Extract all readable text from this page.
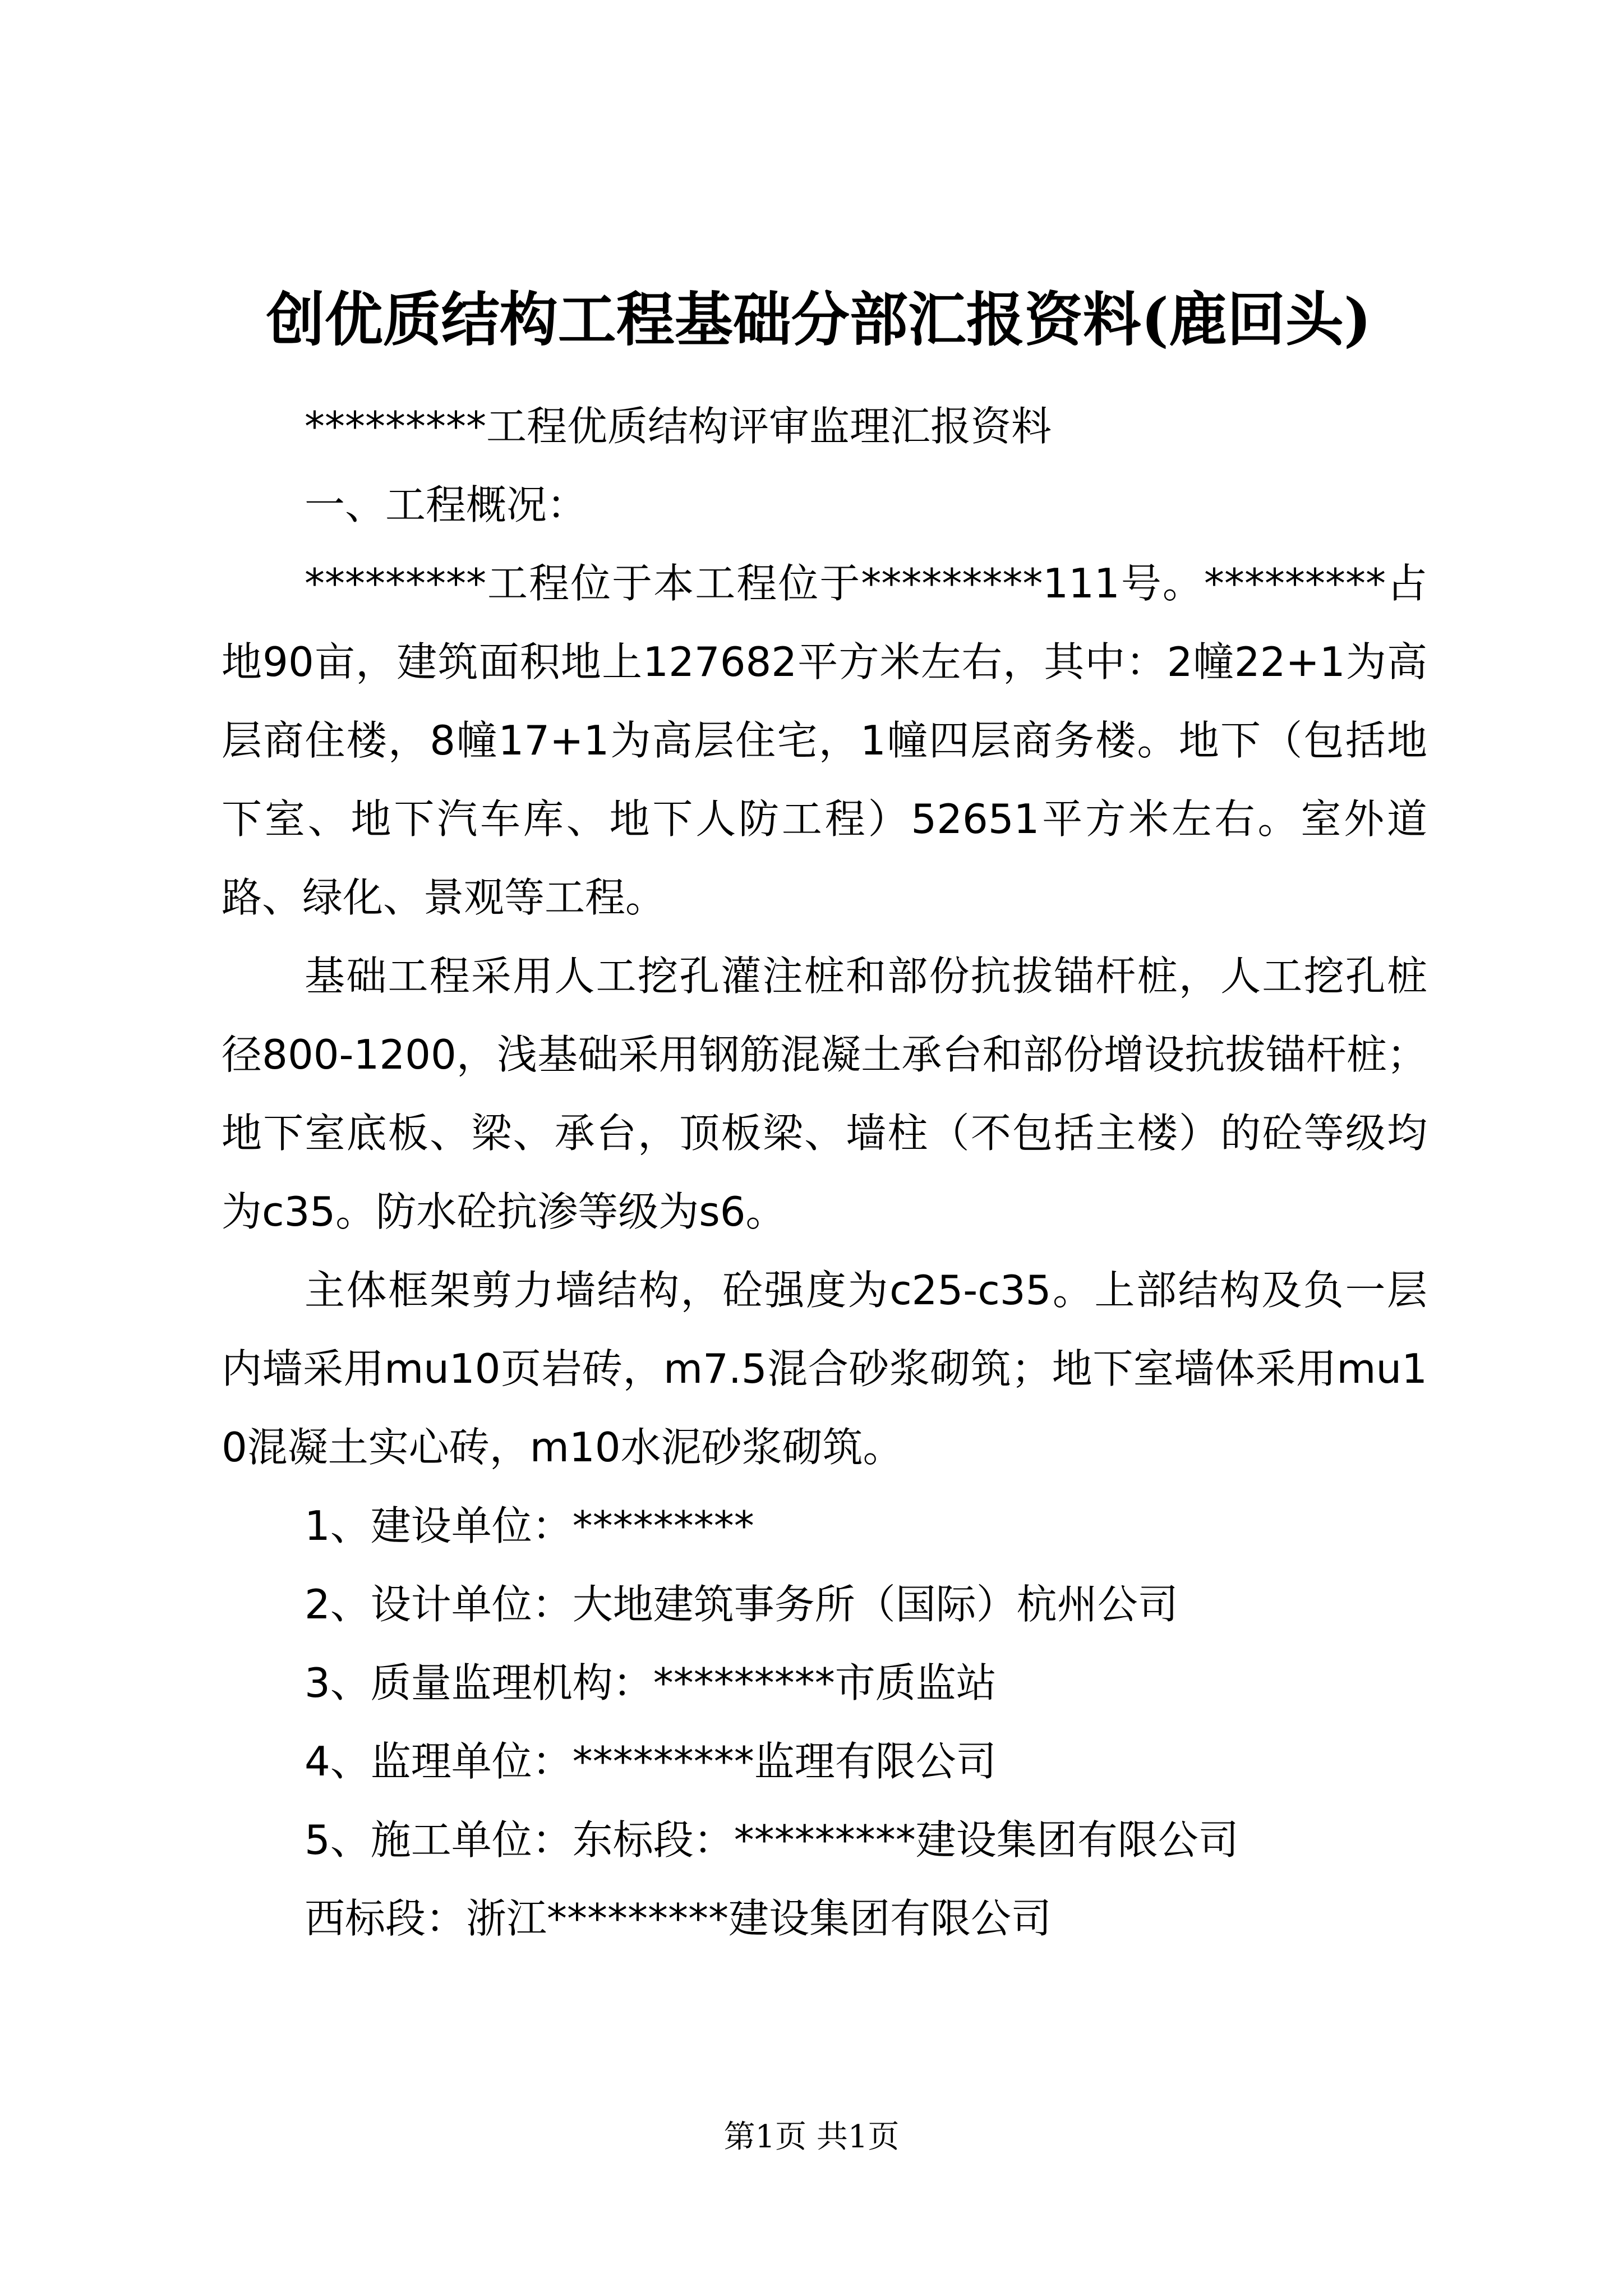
创优质结构工程基础分部汇报资料(鹿回头)

*********工程优质结构评审监理汇报资料

一、工程概况：

*********工程位于本工程位于*********111号。*********占地90亩，建筑面积地上127682平方米左右，其中：2幢22+1为高层商住楼，8幢17+1为高层住宅，1幢四层商务楼。地下（包括地下室、地下汽车库、地下人防工程）52651平方米左右。室外道路、绿化、景观等工程。

基础工程采用人工挖孔灌注桩和部份抗拔锚杆桩，人工挖孔桩径800-1200，浅基础采用钢筋混凝土承台和部份增设抗拔锚杆桩；地下室底板、梁、承台，顶板梁、墙柱（不包括主楼）的砼等级均为c35。防水砼抗渗等级为s6。

主体框架剪力墙结构，砼强度为c25-c35。上部结构及负一层内墙采用mu10页岩砖，m7.5混合砂浆砌筑；地下室墙体采用mu10混凝土实心砖，m10水泥砂浆砌筑。

1、建设单位：*********

2、设计单位：大地建筑事务所（国际）杭州公司

3、质量监理机构：*********市质监站

4、监理单位：*********监理有限公司

5、施工单位：东标段：*********建设集团有限公司

西标段：浙江*********建设集团有限公司

第1页 共1页
